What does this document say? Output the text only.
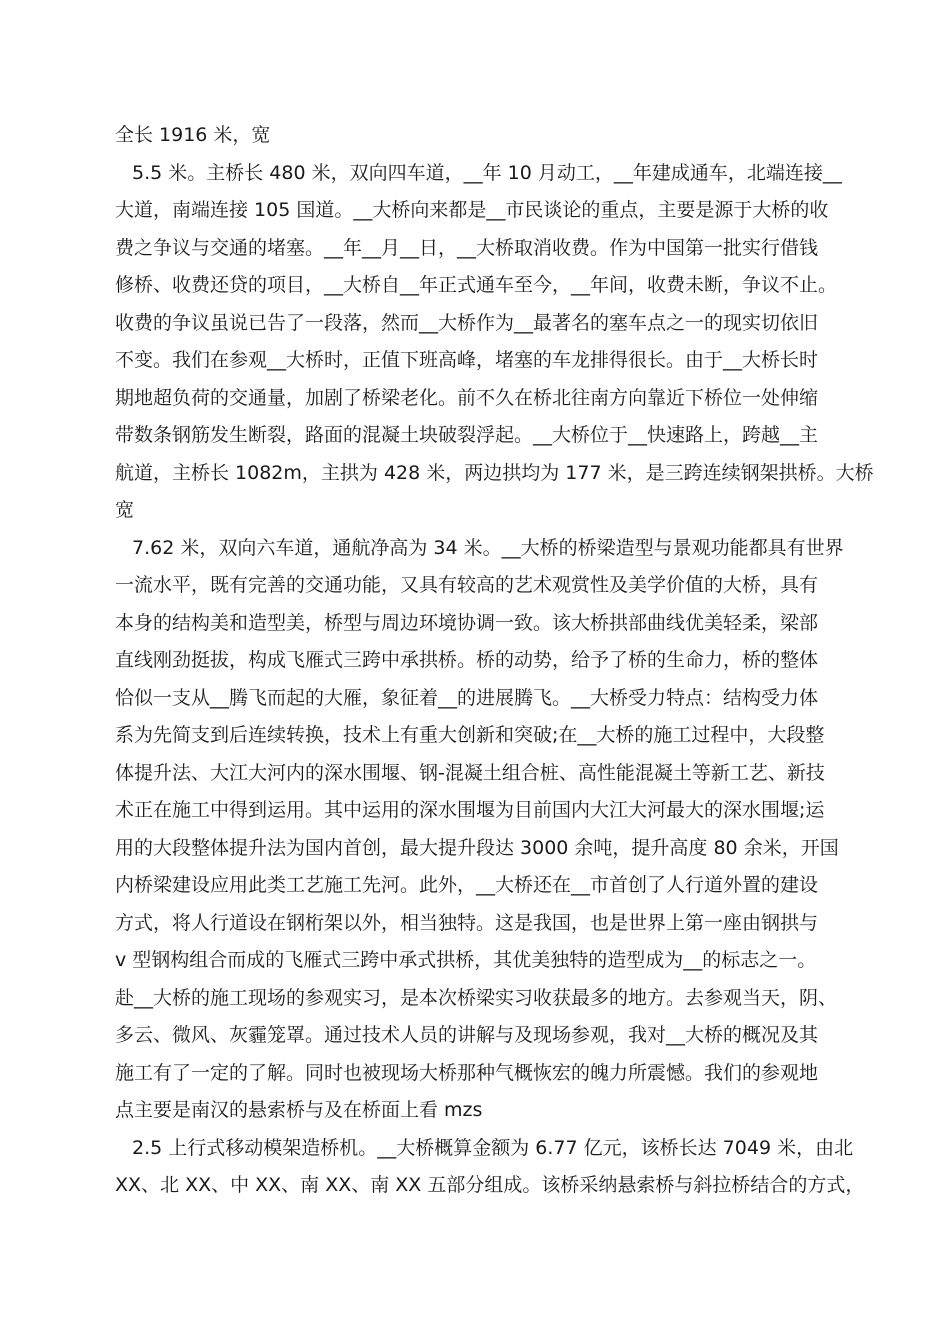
全长 1916 米，宽
5.5 米。主桥长 480 米，双向四车道，__年 10 月动工，__年建成通车，北端连接__
大道，南端连接 105 国道。__大桥向来都是__市民谈论的重点，主要是源于大桥的收
费之争议与交通的堵塞。__年__月__日，__大桥取消收费。作为中国第一批实行借钱
修桥、收费还贷的项目，__大桥自__年正式通车至今，__年间，收费未断，争议不止。
收费的争议虽说已告了一段落，然而__大桥作为__最著名的塞车点之一的现实切依旧
不变。我们在参观__大桥时，正值下班高峰，堵塞的车龙排得很长。由于__大桥长时
期地超负荷的交通量，加剧了桥梁老化。前不久在桥北往南方向靠近下桥位一处伸缩
带数条钢筋发生断裂，路面的混凝土块破裂浮起。__大桥位于__快速路上，跨越__主
航道，主桥长 1082m，主拱为 428 米，两边拱均为 177 米，是三跨连续钢架拱桥。大桥
宽
7.62 米，双向六车道，通航净高为 34 米。__大桥的桥梁造型与景观功能都具有世界
一流水平，既有完善的交通功能，又具有较高的艺术观赏性及美学价值的大桥，具有
本身的结构美和造型美，桥型与周边环境协调一致。该大桥拱部曲线优美轻柔，梁部
直线刚劲挺拔，构成飞雁式三跨中承拱桥。桥的动势，给予了桥的生命力，桥的整体
恰似一支从__腾飞而起的大雁，象征着__的进展腾飞。__大桥受力特点：结构受力体
系为先简支到后连续转换，技术上有重大创新和突破;在__大桥的施工过程中，大段整
体提升法、大江大河内的深水围堰、钢-混凝土组合桩、高性能混凝土等新工艺、新技
术正在施工中得到运用。其中运用的深水围堰为目前国内大江大河最大的深水围堰;运
用的大段整体提升法为国内首创，最大提升段达 3000 余吨，提升高度 80 余米，开国
内桥梁建设应用此类工艺施工先河。此外，__大桥还在__市首创了人行道外置的建设
方式，将人行道设在钢桁架以外，相当独特。这是我国，也是世界上第一座由钢拱与
v 型钢构组合而成的飞雁式三跨中承式拱桥，其优美独特的造型成为__的标志之一。
赴__大桥的施工现场的参观实习，是本次桥梁实习收获最多的地方。去参观当天，阴、
多云、微风、灰霾笼罩。通过技术人员的讲解与及现场参观，我对__大桥的概况及其
施工有了一定的了解。同时也被现场大桥那种气概恢宏的魄力所震憾。我们的参观地
点主要是南汉的悬索桥与及在桥面上看 mzs
2.5 上行式移动模架造桥机。__大桥概算金额为 6.77 亿元，该桥长达 7049 米，由北
XX、北 XX、中 XX、南 XX、南 XX 五部分组成。该桥采纳悬索桥与斜拉桥结合的方式，
